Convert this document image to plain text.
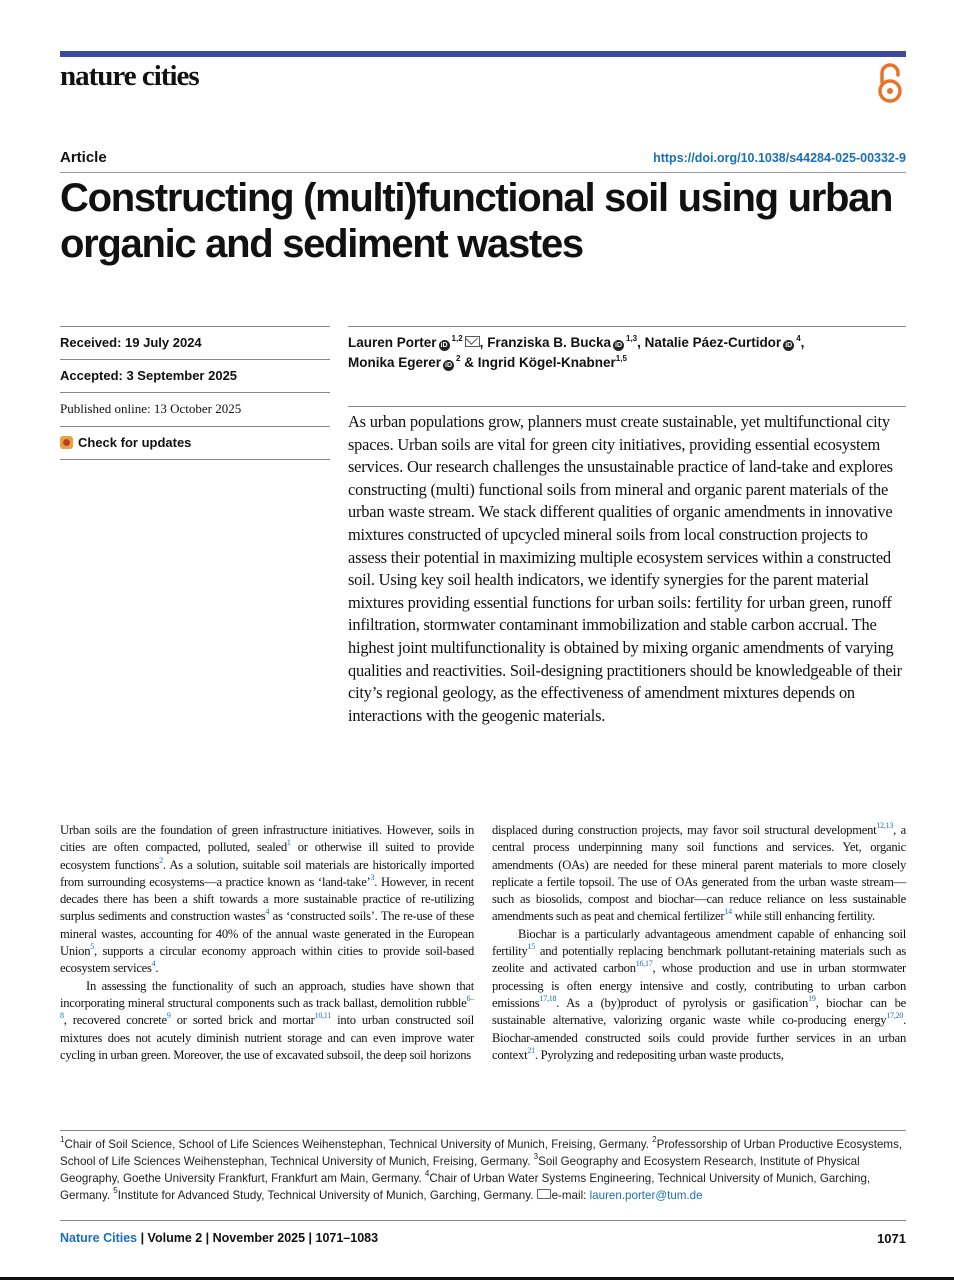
nature cities
Article	https://doi.org/10.1038/s44284-025-00332-9
Constructing (multi)functional soil using urban organic and sediment wastes
Received: 19 July 2024
Accepted: 3 September 2025
Published online: 13 October 2025
Check for updates
Lauren Porter iD$^{1,2}$ , Franziska B. Bucka iD$^{1,3}$, Natalie Páez-Curtidor $iD^4$,
Monika Egerer $iD^2$ & Ingrid Kögel-Knabner$^{1,5}$

As urban populations grow, planners must create sustainable, yet multifunctional city spaces. Urban soils are vital for green city initiatives, providing essential ecosystem services. Our research challenges the unsustainable practice of land-take and explores constructing (multi) functional soils from mineral and organic parent materials of the urban waste stream. We stack different qualities of organic amendments in innovative mixtures constructed of upcycled mineral soils from local construction projects to assess their potential in maximizing multiple ecosystem services within a constructed soil. Using key soil health indicators, we identify synergies for the parent material mixtures providing essential functions for urban soils: fertility for urban green, runoff infiltration, stormwater contaminant immobilization and stable carbon accrual. The highest joint multifunctionality is obtained by mixing organic amendments of varying qualities and reactivities. Soil-designing practitioners should be knowledgeable of their city’s regional geology, as the effectiveness of amendment mixtures depends on interactions with the geogenic materials.

Urban soils are the foundation of green infrastructure initiatives. However, soils in cities are often compacted, polluted, sealed$^1$ or otherwise ill suited to provide ecosystem functions$^2$. As a solution, suitable soil materials are historically imported from surrounding ecosystems—a practice known as ‘land-take’$^3$. However, in recent decades there has been a shift towards a more sustainable practice of re-utilizing surplus sediments and construction wastes$^4$ as ‘constructed soils’. The re-use of these mineral wastes, accounting for 40% of the annual waste generated in the European Union$^5$, supports a circular economy approach within cities to provide soil-based ecosystem services$^4$.

In assessing the functionality of such an approach, studies have shown that incorporating mineral structural components such as track ballast, demolition rubble$^{6-8}$, recovered concrete$^9$ or sorted brick and mortar$^{10,11}$ into urban constructed soil mixtures does not acutely diminish nutrient storage and can even improve water cycling in urban green. Moreover, the use of excavated subsoil, the deep soil horizons

displaced during construction projects, may favor soil structural development$^{12,13}$, a central process underpinning many soil functions and services. Yet, organic amendments (OAs) are needed for these mineral parent materials to more closely replicate a fertile topsoil. The use of OAs generated from the urban waste stream—such as biosolids, compost and biochar—can reduce reliance on less sustainable amendments such as peat and chemical fertilizer$^{14}$ while still enhancing fertility.

Biochar is a particularly advantageous amendment capable of enhancing soil fertility$^{15}$ and potentially replacing benchmark pollutant-retaining materials such as zeolite and activated carbon$^{16,17}$, whose production and use in urban stormwater processing is often energy intensive and costly, contributing to urban carbon emissions$^{17,18}$. As a (by)product of pyrolysis or gasification$^{19}$, biochar can be sustainable alternative, valorizing organic waste while co-producing energy$^{17,20}$. Biochar-amended constructed soils could provide further services in an urban context$^{21}$. Pyrolyzing and redepositing urban waste products,

$^1$Chair of Soil Science, School of Life Sciences Weihenstephan, Technical University of Munich, Freising, Germany. $^2$Professorship of Urban Productive Ecosystems, School of Life Sciences Weihenstephan, Technical University of Munich, Freising, Germany. $^3$Soil Geography and Ecosystem Research, Institute of Physical Geography, Goethe University Frankfurt, Frankfurt am Main, Germany. $^4$Chair of Urban Water Systems Engineering, Technical University of Munich, Garching, Germany. $^5$Institute for Advanced Study, Technical University of Munich, Garching, Germany. e-mail: lauren.porter@tum.de

Nature Cities | Volume 2 | November 2025 | 1071–1083	1071
